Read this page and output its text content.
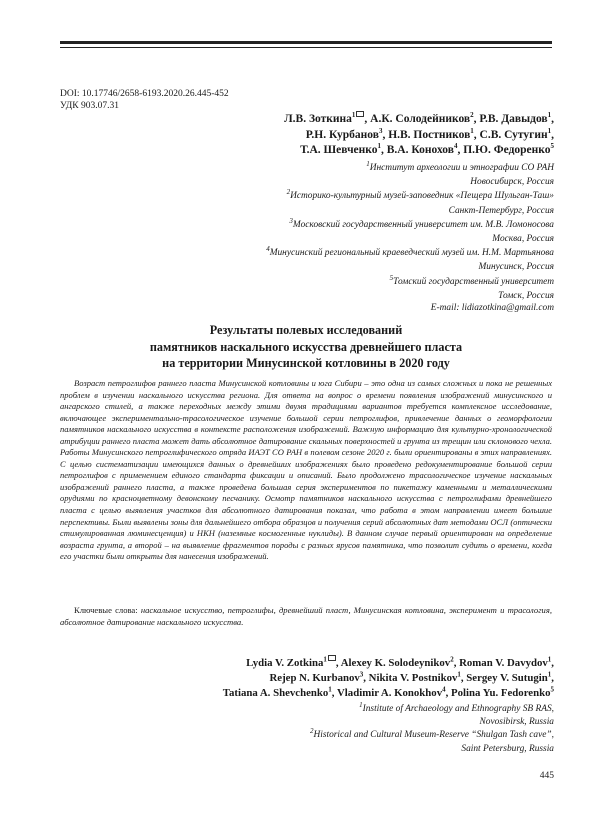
DOI: 10.17746/2658-6193.2020.26.445-452
УДК 903.07.31
Л.В. Зоткина$^1$ , А.К. Солодейников$^2$, Р.В. Давыдов$^1$,
Р.Н. Курбанов$^3$, Н.В. Постников$^1$, С.В. Сутугин$^1$,
Т.А. Шевченко$^1$, В.А. Конохов$^4$, П.Ю. Федоренко$^5$
$^1$Институт археологии и этнографии СО РАН
Новосибирск, Россия
$^2$Историко-культурный музей-заповедник «Пещера Шульган-Таш»
Санкт-Петербург, Россия
$^3$Московский государственный университет им. М.В. Ломоносова
Москва, Россия
$^4$Минусинский региональный краеведческий музей им. Н.М. Мартьянова
Минусинск, Россия
$^5$Томский государственный университет
Томск, Россия
E-mail: lidiazotkina@gmail.com
Результаты полевых исследований
памятников наскального искусства древнейшего пласта
на территории Минусинской котловины в 2020 году
Возраст петроглифов раннего пласта Минусинской котловины и юга Сибири – это одна из самых сложных и пока не решенных проблем в изучении наскального искусства региона. Для ответа на вопрос о времени появления изображений минусинского и ангарского стилей, а также переходных между этими двумя традициями вариантов требуется комплексное исследование, включающее экспериментально-трасологическое изучение большой серии петроглифов, привлечение данных о геоморфологии памятников наскального искусства в контексте расположения изображений. Важную информацию для культурно-хронологической атрибуции раннего пласта может дать абсолютное датирование скальных поверхностей и грунта из трещин или склонового чехла. Работы Минусинского петроглифического отряда ИАЭТ СО РАН в полевом сезоне 2020 г. были ориентированы в этих направлениях. С целью систематизации имеющихся данных о древнейших изображениях было проведено редокументирование большой серии петроглифов с применением единого стандарта фиксации и описаний. Было продолжено трасологическое изучение наскальных изображений раннего пласта, а также проведена большая серия экспериментов по пикетажу каменными и металлическими орудиями по красноцветному девонскому песчанику. Осмотр памятников наскального искусства с петроглифами древнейшего пласта с целью выявления участков для абсолютного датирования показал, что работа в этом направлении имеет большие перспективы. Были выявлены зоны для дальнейшего отбора образцов и получения серий абсолютных дат методами ОСЛ (оптически стимулированная люминесценция) и НКН (наземные космогенные нуклиды). В данном случае первый ориентирован на определение возраста грунта, а второй – на выявление фрагментов породы с разных ярусов памятника, что позволит судить о времени, когда его участки были открыты для нанесения изображений.
Ключевые слова: наскальное искусство, петроглифы, древнейший пласт, Минусинская котловина, эксперимент и трасология, абсолютное датирование наскального искусства.
Lydia V. Zotkina$^1$ , Alexey K. Solodeynikov$^2$, Roman V. Davydov$^1$,
Rejep N. Kurbanov$^3$, Nikita V. Postnikov$^1$, Sergey V. Sutugin$^1$,
Tatiana A. Shevchenko$^1$, Vladimir A. Konokhov$^4$, Polina Yu. Fedorenko$^5$
$^1$Institute of Archaeology and Ethnography SB RAS,
Novosibirsk, Russia
$^2$Historical and Cultural Museum-Reserve “Shulgan Tash cave”,
Saint Petersburg, Russia
445
